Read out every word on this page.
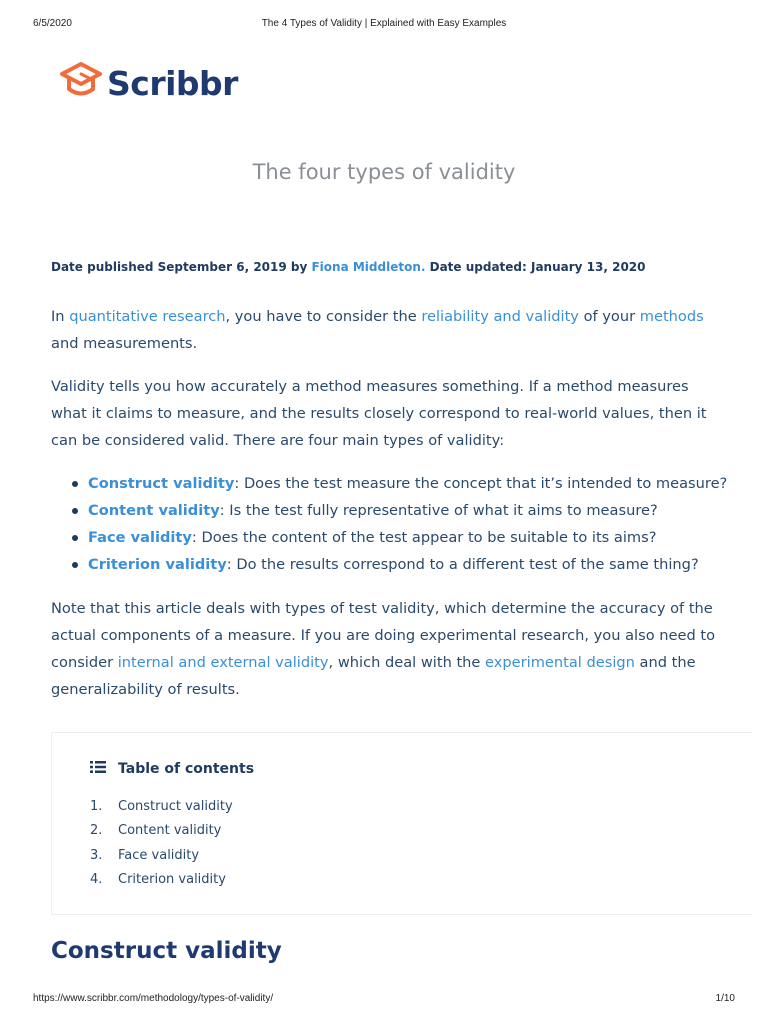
6/5/2020	The 4 Types of Validity | Explained with Easy Examples
Scribbr
The four types of validity
Date published September 6, 2019 by Fiona Middleton. Date updated: January 13, 2020

In quantitative research, you have to consider the reliability and validity of your methods and measurements.

Validity tells you how accurately a method measures something. If a method measures what it claims to measure, and the results closely correspond to real-world values, then it can be considered valid. There are four main types of validity:

Construct validity: Does the test measure the concept that it’s intended to measure?
Content validity: Is the test fully representative of what it aims to measure?
Face validity: Does the content of the test appear to be suitable to its aims?
Criterion validity: Do the results correspond to a different test of the same thing?

Note that this article deals with types of test validity, which determine the accuracy of the actual components of a measure. If you are doing experimental research, you also need to consider internal and external validity, which deal with the experimental design and the generalizability of results.

Table of contents
1. Construct validity
2. Content validity
3. Face validity
4. Criterion validity
Construct validity
https://www.scribbr.com/methodology/types-of-validity/	1/10
